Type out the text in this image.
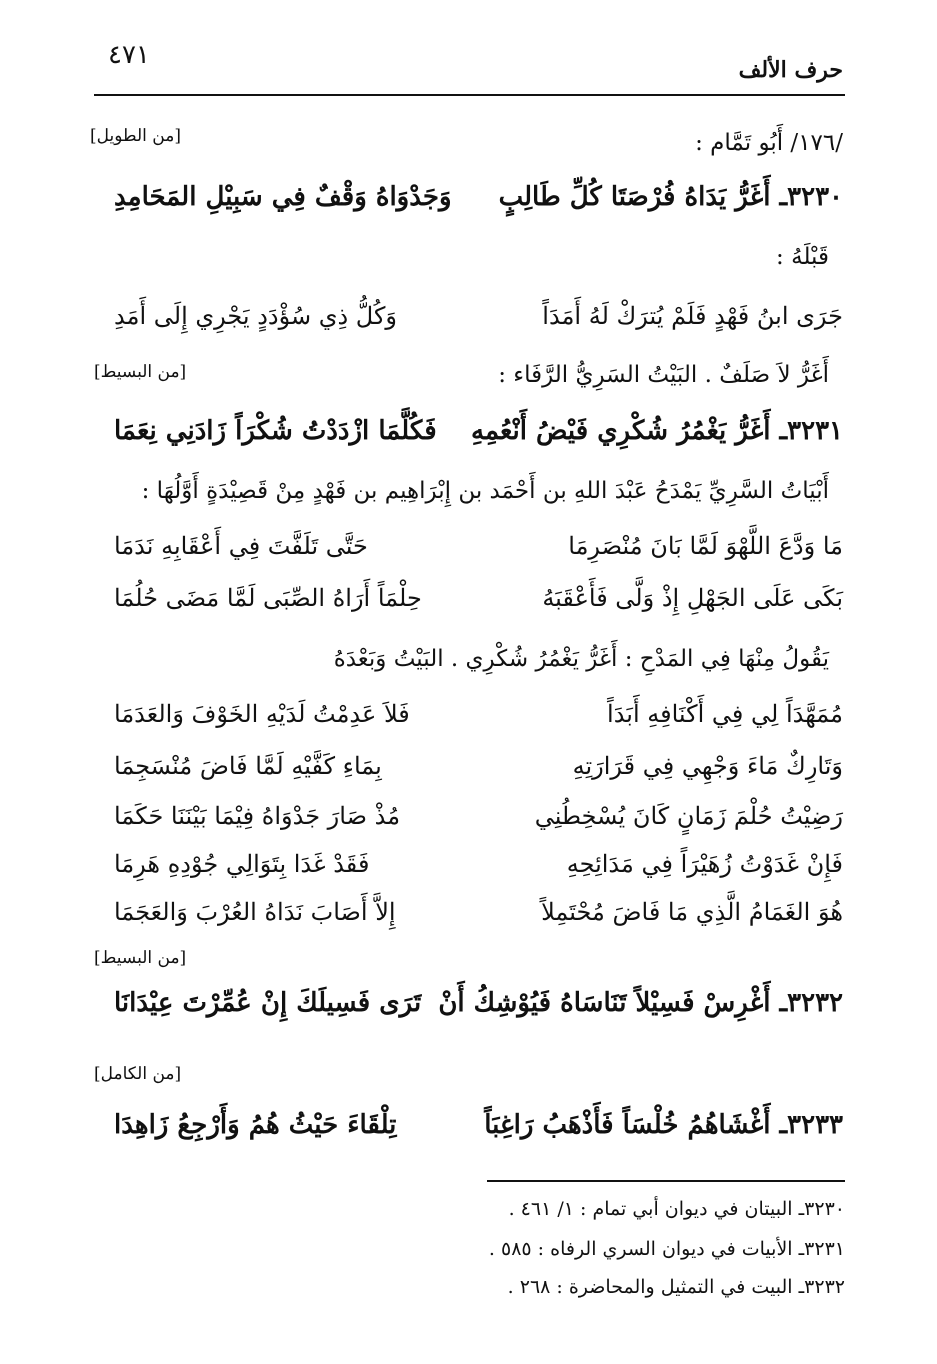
٤٧١	حرف الألف
/١٧٦/ أَبُو تَمَّام :
[من الطويل]
٣٢٣٠ـ أَغَرُّ يَدَاهُ فُرْصَتَا كُلِّ طَالِبٍ
وَجَدْوَاهُ وَقْفٌ فِي سَبِيْلِ المَحَامِدِ
قَبْلَهُ :
جَرَى ابنُ فَهْدٍ فَلَمْ يُترَكْ لَهُ أَمَدَاً
وَكُلُّ ذِي سُؤْدَدٍ يَجْرِي إِلَى أَمَدِ
أَغَرُّ لاَ صَلَفٌ . البَيْتُ السَرِيُّ الرَّفَاء :
[من البسيط]
٣٢٣١ـ أَغَرُّ يَغْمُرُ شُكْرِي فَيْضُ أَنْعُمِهِ
فَكُلَّمَا ازْدَدْتُ شُكْرَاً زَادَنِي نِعَمَا
أَبْيَاتُ السَّرِيِّ يَمْدَحُ عَبْدَ اللهِ بن أَحْمَد بن إِبْرَاهِيم بن فَهْدٍ مِنْ قَصِيْدَةٍ أَوَّلُهَا :
مَا وَدَّعَ اللَّهْوَ لَمَّا بَانَ مُنْصَرِمَا
حَتَّى تَلَفَّتَ فِي أَعْقَابِهِ نَدَمَا
بَكَى عَلَى الجَهْلِ إِذْ وَلَّى فَأَعْقَبَهُ
حِلْمَاً أَرَاهُ الصِّبَى لَمَّا مَضَى حُلُمَا
يَقُولُ مِنْهَا فِي المَدْحِ : أَغَرُّ يَغْمُرُ شُكْرِي . البَيْتُ وَبَعْدَهُ
مُمَهَّدَاً لِي فِي أَكْنَافِهِ أَبَدَاً
فَلاَ عَدِمْتُ لَدَيْهِ الخَوْفَ وَالعَدَمَا
وَتَارِكٌ مَاءَ وَجْهِي فِي قَرَارَتِهِ
بِمَاءِ كَفَّيْهِ لَمَّا فَاضَ مُنْسَجِمَا
رَضِيْتُ حُلْمَ زَمَانٍ كَانَ يُسْخِطُنِي
مُذْ صَارَ جَدْوَاهُ فِيْمَا بَيْنَنَا حَكَمَا
فَإِنْ غَدَوْتُ زُهَيْرَاً فِي مَدَائِحِهِ
فَقَدْ غَدَا بِتَوَالِي جُوْدِهِ هَرِمَا
هُوَ الغَمَامُ الَّذِي مَا فَاضَ مُحْتَمِلاً
إِلاَّ أَصَابَ نَدَاهُ العُرْبَ وَالعَجَمَا
[من البسيط]
٣٢٣٢ـ أَغْرِسْ فَسِيْلاً تَنَاسَاهُ فَيُوْشِكُ أَنْ
تَرَى فَسِيلَكَ إِنْ عُمِّرْتَ عِيْدَانَا
[من الكامل]
٣٢٣٣ـ أَغْشَاهُمُ خُلْسَاً فَأَذْهَبُ رَاغِبَاً
تِلْقَاءَ حَيْثُ هُمُ وَأَرْجِعُ زَاهِدَا
٣٢٣٠ـ البيتان في ديوان أبي تمام : ١/ ٤٦١ .
٣٢٣١ـ الأبيات في ديوان السري الرفاه : ٥٨٥ .
٣٢٣٢ـ البيت في التمثيل والمحاضرة : ٢٦٨ .
